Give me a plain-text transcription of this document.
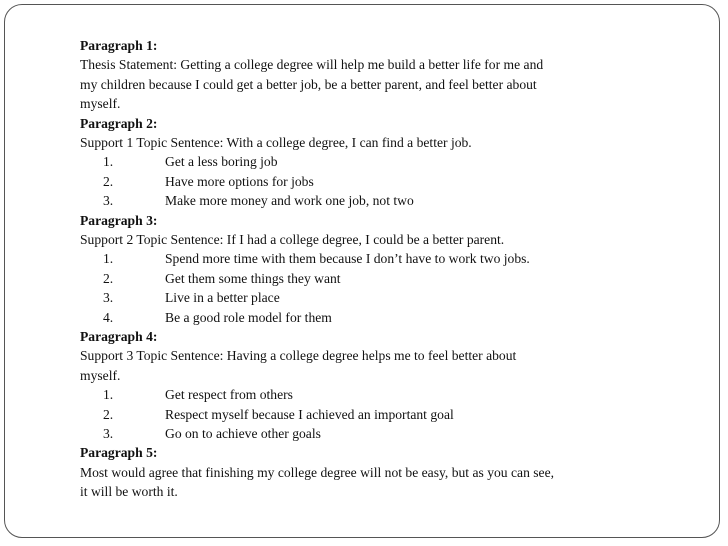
Paragraph 1:
Thesis Statement: Getting a college degree will help me build a better life for me and
my children because I could get a better job, be a better parent, and feel better about
myself.
Paragraph 2:
Support 1 Topic Sentence: With a college degree, I can find a better job.
1.	Get a less boring job
2.	Have more options for jobs
3.	Make more money and work one job, not two
Paragraph 3:
Support 2 Topic Sentence: If I had a college degree, I could be a better parent.
1.	Spend more time with them because I don’t have to work two jobs.
2.	Get them some things they want
3.	Live in a better place
4.	Be a good role model for them
Paragraph 4:
Support 3 Topic Sentence: Having a college degree helps me to feel better about
myself.
1.	Get respect from others
2.	Respect myself because I achieved an important goal
3.	Go on to achieve other goals
Paragraph 5:
Most would agree that finishing my college degree will not be easy, but as you can see,
it will be worth it.
